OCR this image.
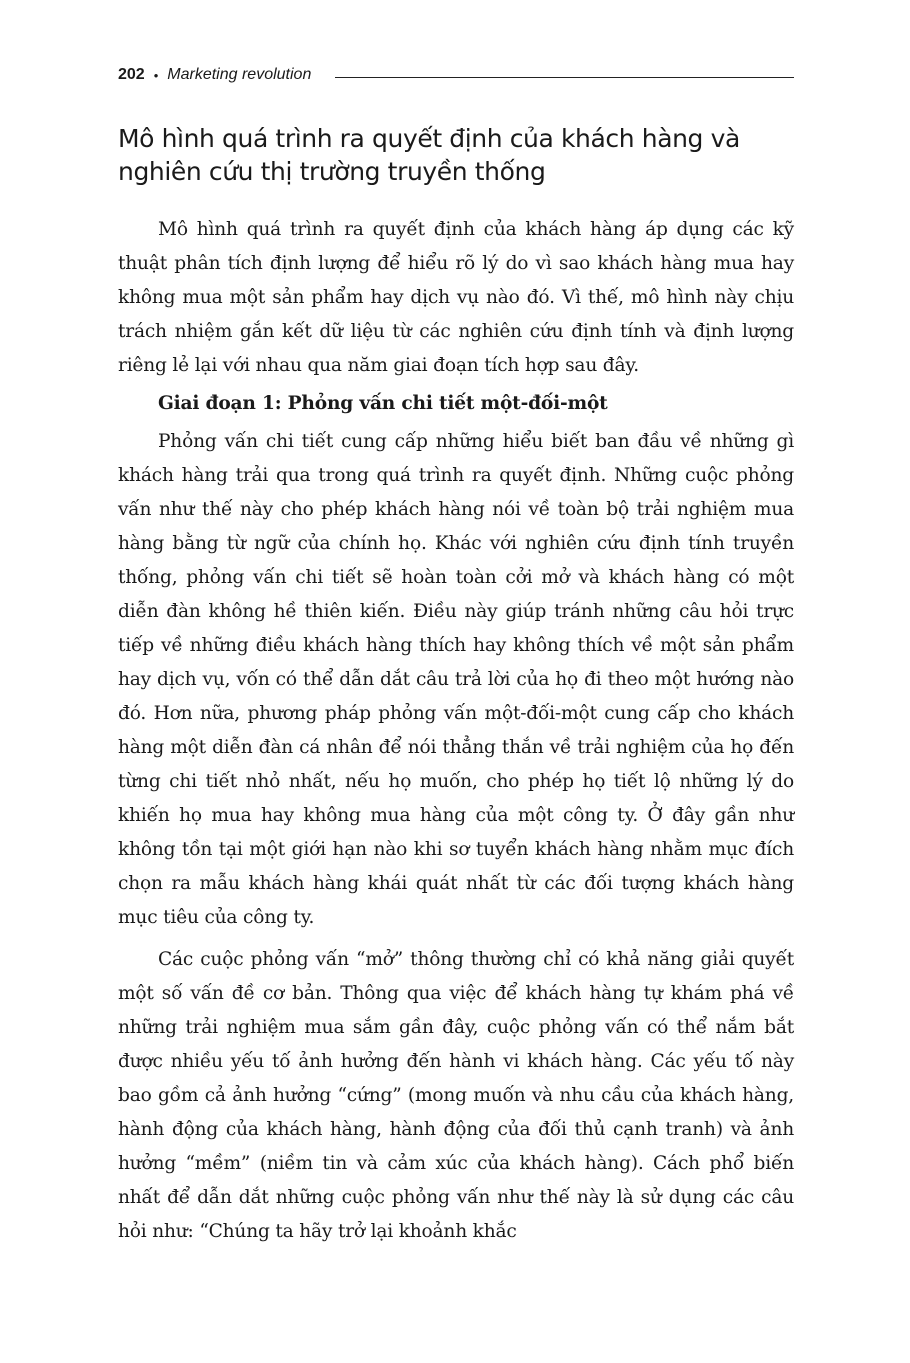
202 • Marketing revolution
Mô hình quá trình ra quyết định của khách hàng và nghiên cứu thị trường truyền thống

Mô hình quá trình ra quyết định của khách hàng áp dụng các kỹ thuật phân tích định lượng để hiểu rõ lý do vì sao khách hàng mua hay không mua một sản phẩm hay dịch vụ nào đó. Vì thế, mô hình này chịu trách nhiệm gắn kết dữ liệu từ các nghiên cứu định tính và định lượng riêng lẻ lại với nhau qua năm giai đoạn tích hợp sau đây.

Giai đoạn 1: Phỏng vấn chi tiết một-đối-một

Phỏng vấn chi tiết cung cấp những hiểu biết ban đầu về những gì khách hàng trải qua trong quá trình ra quyết định. Những cuộc phỏng vấn như thế này cho phép khách hàng nói về toàn bộ trải nghiệm mua hàng bằng từ ngữ của chính họ. Khác với nghiên cứu định tính truyền thống, phỏng vấn chi tiết sẽ hoàn toàn cởi mở và khách hàng có một diễn đàn không hề thiên kiến. Điều này giúp tránh những câu hỏi trực tiếp về những điều khách hàng thích hay không thích về một sản phẩm hay dịch vụ, vốn có thể dẫn dắt câu trả lời của họ đi theo một hướng nào đó. Hơn nữa, phương pháp phỏng vấn một-đối-một cung cấp cho khách hàng một diễn đàn cá nhân để nói thẳng thắn về trải nghiệm của họ đến từng chi tiết nhỏ nhất, nếu họ muốn, cho phép họ tiết lộ những lý do khiến họ mua hay không mua hàng của một công ty. Ở đây gần như không tồn tại một giới hạn nào khi sơ tuyển khách hàng nhằm mục đích chọn ra mẫu khách hàng khái quát nhất từ các đối tượng khách hàng mục tiêu của công ty.

Các cuộc phỏng vấn “mở” thông thường chỉ có khả năng giải quyết một số vấn đề cơ bản. Thông qua việc để khách hàng tự khám phá về những trải nghiệm mua sắm gần đây, cuộc phỏng vấn có thể nắm bắt được nhiều yếu tố ảnh hưởng đến hành vi khách hàng. Các yếu tố này bao gồm cả ảnh hưởng “cứng” (mong muốn và nhu cầu của khách hàng, hành động của khách hàng, hành động của đối thủ cạnh tranh) và ảnh hưởng “mềm” (niềm tin và cảm xúc của khách hàng). Cách phổ biến nhất để dẫn dắt những cuộc phỏng vấn như thế này là sử dụng các câu hỏi như: “Chúng ta hãy trở lại khoảnh khắc
